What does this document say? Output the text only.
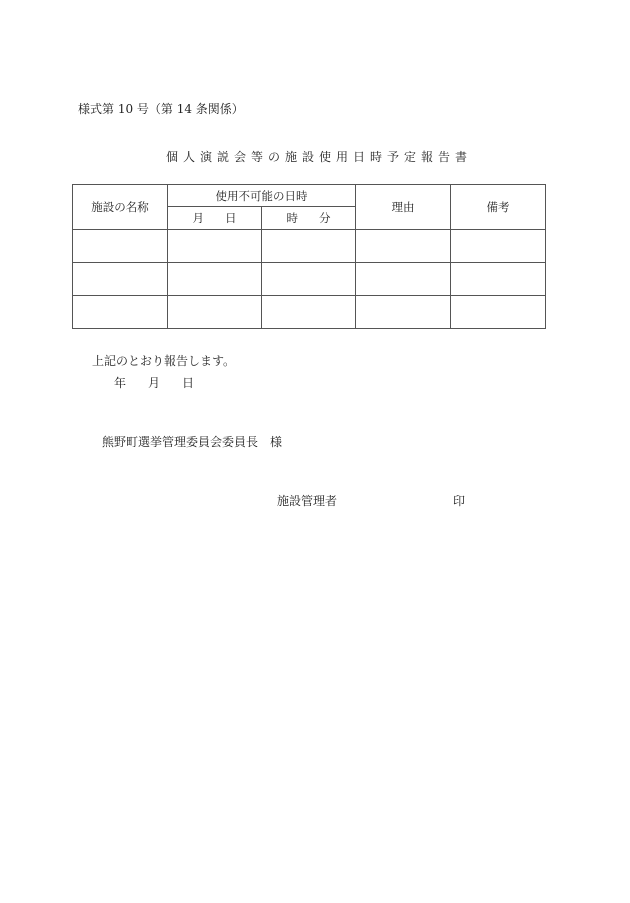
様式第 10 号（第 14 条関係）
個人演説会等の施設使用日時予定報告書
施設の名称	使用不可能の日時		理由	備考

	月 日	時 分		

上記のとおり報告します。
年 月 日
熊野町選挙管理委員会委員長　様
施設管理者	印
